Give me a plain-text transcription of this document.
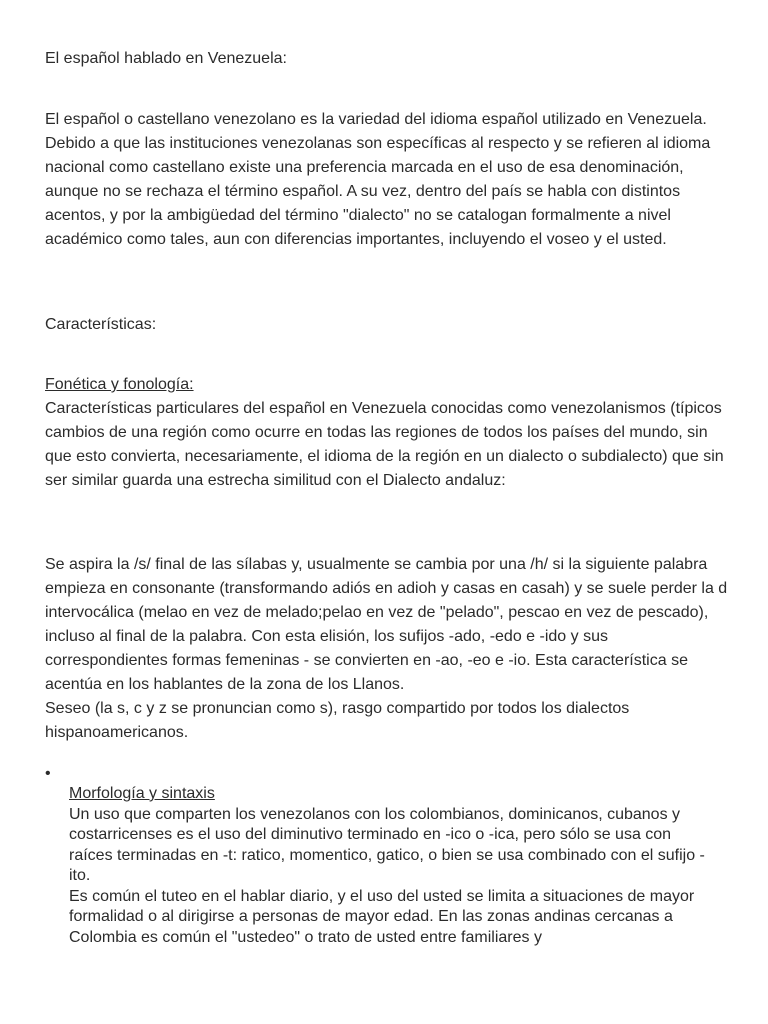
El español hablado en Venezuela:

El español o castellano venezolano es la variedad del idioma español utilizado en Venezuela. Debido a que las instituciones venezolanas son específicas al respecto y se refieren al idioma nacional como castellano existe una preferencia marcada en el uso de esa denominación, aunque no se rechaza el término español. A su vez, dentro del país se habla con distintos acentos, y por la ambigüedad del término "dialecto" no se catalogan formalmente a nivel académico como tales, aun con diferencias importantes, incluyendo el voseo y el usted.

Características:

Fonética y fonología:
Características particulares del español en Venezuela conocidas como venezolanismos (típicos cambios de una región como ocurre en todas las regiones de todos los países del mundo, sin que esto convierta, necesariamente, el idioma de la región en un dialecto o subdialecto) que sin ser similar guarda una estrecha similitud con el Dialecto andaluz:
Se aspira la /s/ final de las sílabas y, usualmente se cambia por una /h/ si la siguiente palabra empieza en consonante (transformando adiós en adioh y casas en casah) y se suele perder la d intervocálica (melao en vez de melado;pelao en vez de "pelado", pescao en vez de pescado), incluso al final de la palabra. Con esta elisión, los sufijos -ado, -edo e -ido y sus correspondientes formas femeninas - se convierten en -ao, -eo e -io. Esta característica se acentúa en los hablantes de la zona de los Llanos.
Seseo (la s, c y z se pronuncian como s), rasgo compartido por todos los dialectos hispanoamericanos.
•

Morfología y sintaxis

Un uso que comparten los venezolanos con los colombianos, dominicanos, cubanos y costarricenses es el uso del diminutivo terminado en -ico o -ica, pero sólo se usa con raíces terminadas en -t: ratico, momentico, gatico, o bien se usa combinado con el sufijo -ito.

Es común el tuteo en el hablar diario, y el uso del usted se limita a situaciones de mayor formalidad o al dirigirse a personas de mayor edad. En las zonas andinas cercanas a Colombia es común el "ustedeo" o trato de usted entre familiares y
